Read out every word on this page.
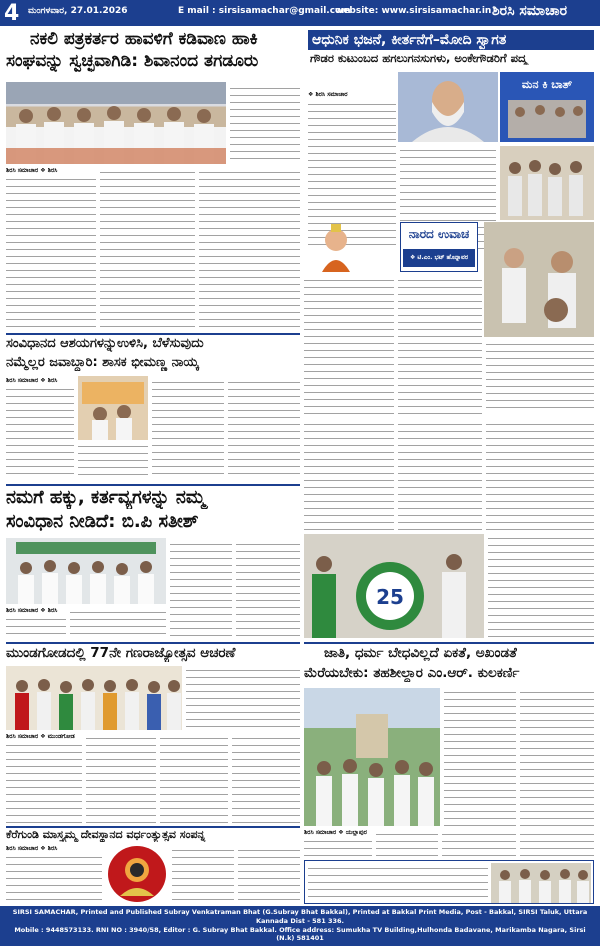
4 ಮಂಗಳವಾರ, 27.01.2026	E mail : sirsisamachar@gmail.com
website: www.sirsisamachar.in ಶಿರಸಿ ಸಮಾಚಾರ
ನಕಲಿ ಪತ್ರಕರ್ತರ ಹಾವಳಿಗೆ ಕಡಿವಾಣ ಹಾಕಿ
ಸಂಘವನ್ನು ಸ್ವಚ್ಛವಾಗಿಡಿ: ಶಿವಾನಂದ ತಗಡೂರು
ಶಿರಸಿ ಸಮಾಚಾರ ❖ ಶಿರಸಿ
ಆಧುನಿಕ ಭಜನೆ, ಕೀರ್ತನೆಗೆ–ಮೋದಿ ಸ್ವಾಗತ
ಗೌಡರ ಕುಟುಂಬದ ಹಗಲುಗನಸುಗಳು, ಅಂಕೇಗೌಡರಿಗೆ ಪದ್ಮ
ಮನ ಕಿ ಬಾತ್
❖ ಶಿರಸಿ ಸಮಾಚಾರ
ನಾರದ ಉವಾಚ
❖ ಟಿ.ಎಂ. ಭಟ್ ಹೊನ್ನಾವರ
ಸಂವಿಧಾನದ ಆಶಯಗಳನ್ನುಉಳಿಸಿ, ಬೆಳೆಸುವುದು
ನಮ್ಮೆಲ್ಲರ ಜವಾಬ್ದಾರಿ: ಶಾಸಕ ಭೀಮಣ್ಣ ನಾಯ್ಕ
ಶಿರಸಿ ಸಮಾಚಾರ ❖ ಶಿರಸಿ
ನಮಗೆ ಹಕ್ಕು, ಕರ್ತವ್ಯಗಳನ್ನು ನಮ್ಮ
ಸಂವಿಧಾನ ನೀಡಿದೆ: ಬಿ.ಪಿ ಸತೀಶ್
ಶಿರಸಿ ಸಮಾಚಾರ ❖ ಶಿರಸಿ
25
ಮುಂಡಗೋಡದಲ್ಲಿ 77ನೇ ಗಣರಾಜ್ಯೋತ್ಸವ ಆಚರಣೆ
ಶಿರಸಿ ಸಮಾಚಾರ ❖ ಮುಂಡಗೋಡ
ಜಾತಿ, ಧರ್ಮ ಬೇಧವಿಲ್ಲದೆ ಏಕತೆ, ಅಖಂಡತೆ
ಮೆರೆಯಬೇಕು: ತಹಶೀಲ್ದಾರ ಎಂ.ಆರ್. ಕುಲಕರ್ಣಿ
ಶಿರಸಿ ಸಮಾಚಾರ ❖ ಯಲ್ಲಾಪುರ
ಕೆರೆಗುಂಡಿ ಮಾಸ್ತ್ಯಮ್ಮ ದೇವಸ್ಥಾನದ ವರ್ಧಂತ್ಯುತ್ಸವ ಸಂಪನ್ನ
ಶಿರಸಿ ಸಮಾಚಾರ ❖ ಶಿರಸಿ
SIRSI SAMACHAR, Printed and Published Subray Venkatraman Bhat (G.Subray Bhat Bakkal), Printed at Bakkal Print Media, Post - Bakkal, SIRSI Taluk, Uttara Kannada Dist - 581 336.
Mobile : 9448573133. RNI NO : 3940/58, Editor : G. Subray Bhat Bakkal. Office address: Sumukha TV Building,Hulhonda Badavane, Marikamba Nagara, Sirsi (N.k) 581401
